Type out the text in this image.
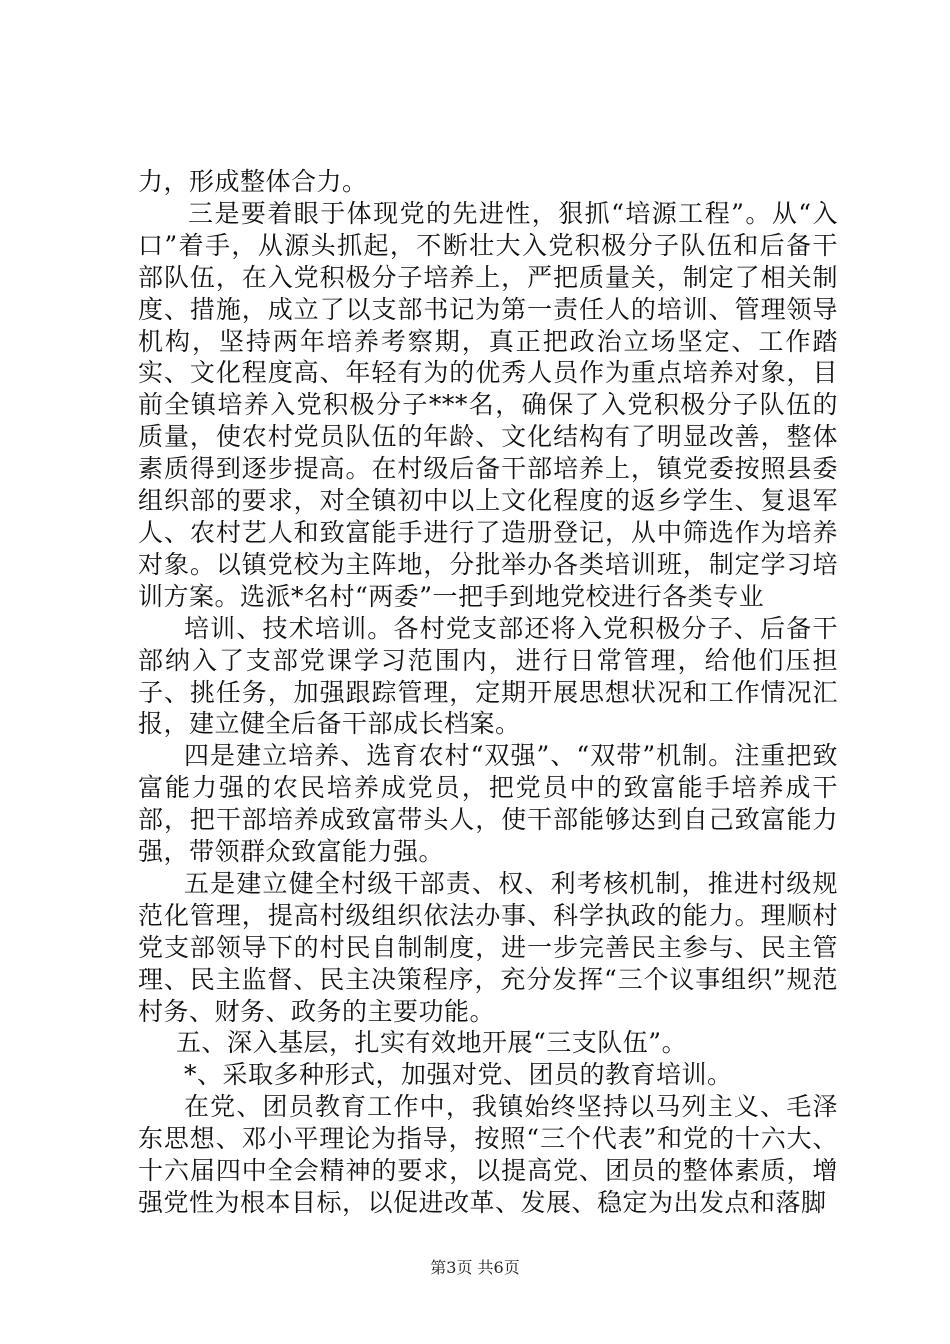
力，形成整体合力。

三是要着眼于体现党的先进性，狠抓“培源工程”。从“入口”着手，从源头抓起，不断壮大入党积极分子队伍和后备干部队伍，在入党积极分子培养上，严把质量关，制定了相关制度、措施，成立了以支部书记为第一责任人的培训、管理领导机构，坚持两年培养考察期，真正把政治立场坚定、工作踏实、文化程度高、年轻有为的优秀人员作为重点培养对象，目前全镇培养入党积极分子***名，确保了入党积极分子队伍的质量，使农村党员队伍的年龄、文化结构有了明显改善，整体素质得到逐步提高。在村级后备干部培养上，镇党委按照县委组织部的要求，对全镇初中以上文化程度的返乡学生、复退军人、农村艺人和致富能手进行了造册登记，从中筛选作为培养对象。以镇党校为主阵地，分批举办各类培训班，制定学习培训方案。选派*名村“两委”一把手到地党校进行各类专业

培训、技术培训。各村党支部还将入党积极分子、后备干部纳入了支部党课学习范围内，进行日常管理，给他们压担子、挑任务，加强跟踪管理，定期开展思想状况和工作情况汇报，建立健全后备干部成长档案。

四是建立培养、选育农村“双强”、“双带”机制。注重把致富能力强的农民培养成党员，把党员中的致富能手培养成干部，把干部培养成致富带头人，使干部能够达到自己致富能力强，带领群众致富能力强。

五是建立健全村级干部责、权、利考核机制，推进村级规范化管理，提高村级组织依法办事、科学执政的能力。理顺村党支部领导下的村民自制制度，进一步完善民主参与、民主管理、民主监督、民主决策程序，充分发挥“三个议事组织”规范村务、财务、政务的主要功能。

五、深入基层，扎实有效地开展“三支队伍”。

*、采取多种形式，加强对党、团员的教育培训。

在党、团员教育工作中，我镇始终坚持以马列主义、毛泽东思想、邓小平理论为指导，按照“三个代表”和党的十六大、十六届四中全会精神的要求，以提高党、团员的整体素质，增强党性为根本目标，以促进改革、发展、稳定为出发点和落脚

第3页 共6页
